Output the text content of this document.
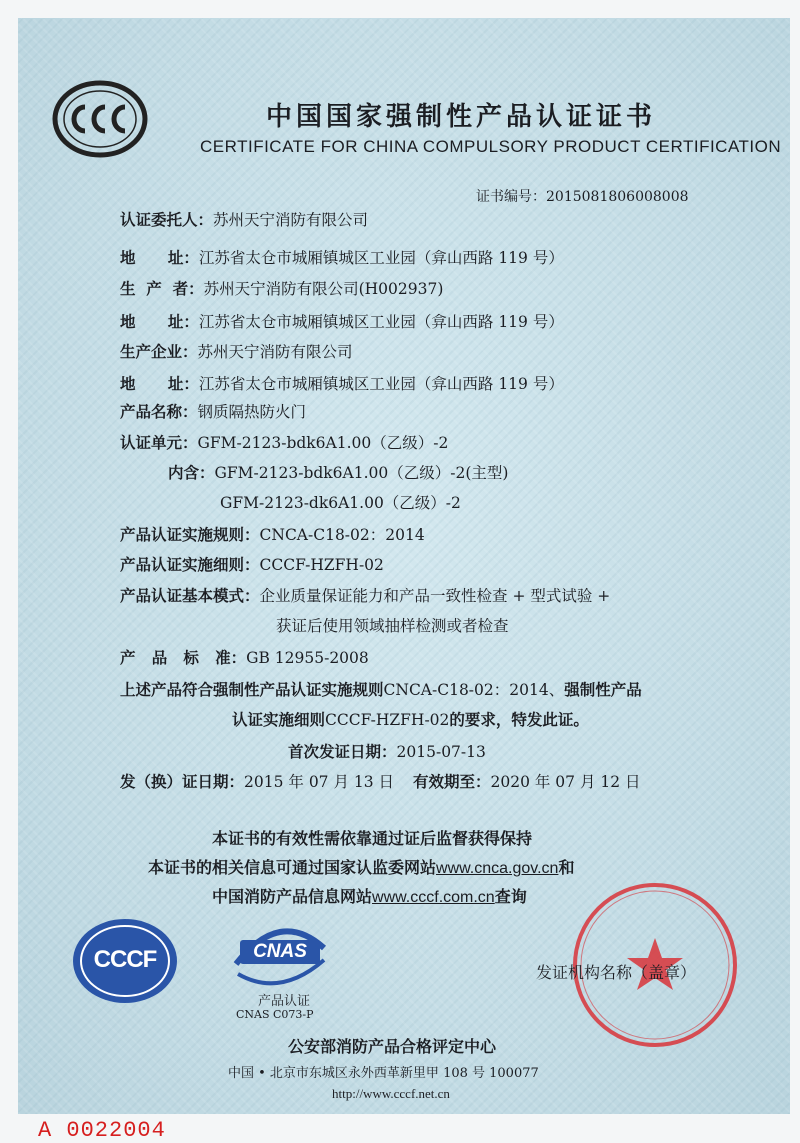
中国国家强制性产品认证证书
CERTIFICATE FOR CHINA COMPULSORY PRODUCT CERTIFICATION
证书编号：2015081806008008
认证委托人：苏州天宁消防有限公司
地      址：江苏省太仓市城厢镇城区工业园（弇山西路 119 号）
生  产  者：苏州天宁消防有限公司(H002937)
地      址：江苏省太仓市城厢镇城区工业园（弇山西路 119 号）
生产企业：苏州天宁消防有限公司
地      址：江苏省太仓市城厢镇城区工业园（弇山西路 119 号）
产品名称：钢质隔热防火门
认证单元：GFM-2123-bdk6A1.00（乙级）-2
内含：GFM-2123-bdk6A1.00（乙级）-2(主型)
GFM-2123-dk6A1.00（乙级）-2
产品认证实施规则：CNCA-C18-02：2014
产品认证实施细则：CCCF-HZFH-02
产品认证基本模式：企业质量保证能力和产品一致性检查 + 型式试验 +
获证后使用领域抽样检测或者检查
产   品   标   准：GB 12955-2008
上述产品符合强制性产品认证实施规则CNCA-C18-02：2014、强制性产品
认证实施细则CCCF-HZFH-02的要求，特发此证。
首次发证日期：2015-07-13
发（换）证日期：2015 年 07 月 13 日 有效期至：2020 年 07 月 12 日
本证书的有效性需依靠通过证后监督获得保持
本证书的相关信息可通过国家认监委网站www.cnca.gov.cn和
中国消防产品信息网站www.cccf.com.cn查询
CCCF	CNAS
产品认证
CNAS C073-P
发证机构名称（盖章）
公安部消防产品合格评定中心
中国 • 北京市东城区永外西革新里甲 108 号 100077
http://www.cccf.net.cn
A 0022004
